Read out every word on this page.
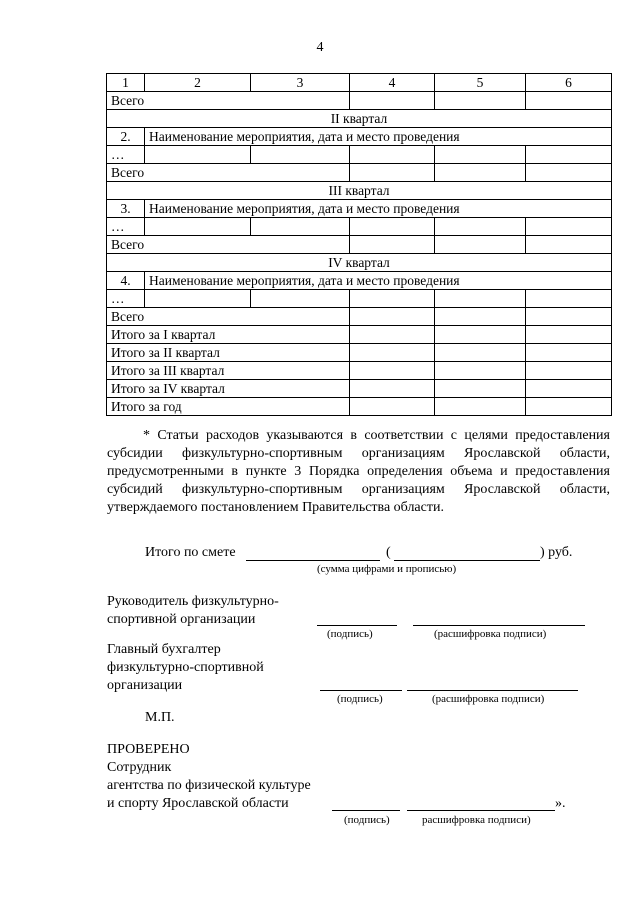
4
1	2	3	4	5	6
Всего					
II квартал					
2.	Наименование мероприятия, дата и место проведения				
…					
Всего					
III квартал					
3.	Наименование мероприятия, дата и место проведения				
…					
Всего					
IV квартал					
4.	Наименование мероприятия, дата и место проведения				
…					
Всего					
Итого за I квартал					
Итого за II квартал					
Итого за III квартал					
Итого за IV квартал					
Итого за год					
* Статьи расходов указываются в соответствии с целями предоставления субсидии физкультурно-спортивным организациям Ярославской области, предусмотренными в пункте 3 Порядка определения объема и предоставления субсидий физкультурно-спортивным организациям Ярославской области, утверждаемого постановлением Правительства области.
Итого по смете	(	) руб.
(сумма цифрами и прописью)
Руководитель физкультурно-
спортивной организации
(подпись)	(расшифровка подписи)
Главный бухгалтер
физкультурно-спортивной
организации
(подпись)	(расшифровка подписи)
М.П.
ПРОВЕРЕНО
Сотрудник
агентства по физической культуре
и спорту Ярославской области	».
(подпись)	расшифровка подписи)
